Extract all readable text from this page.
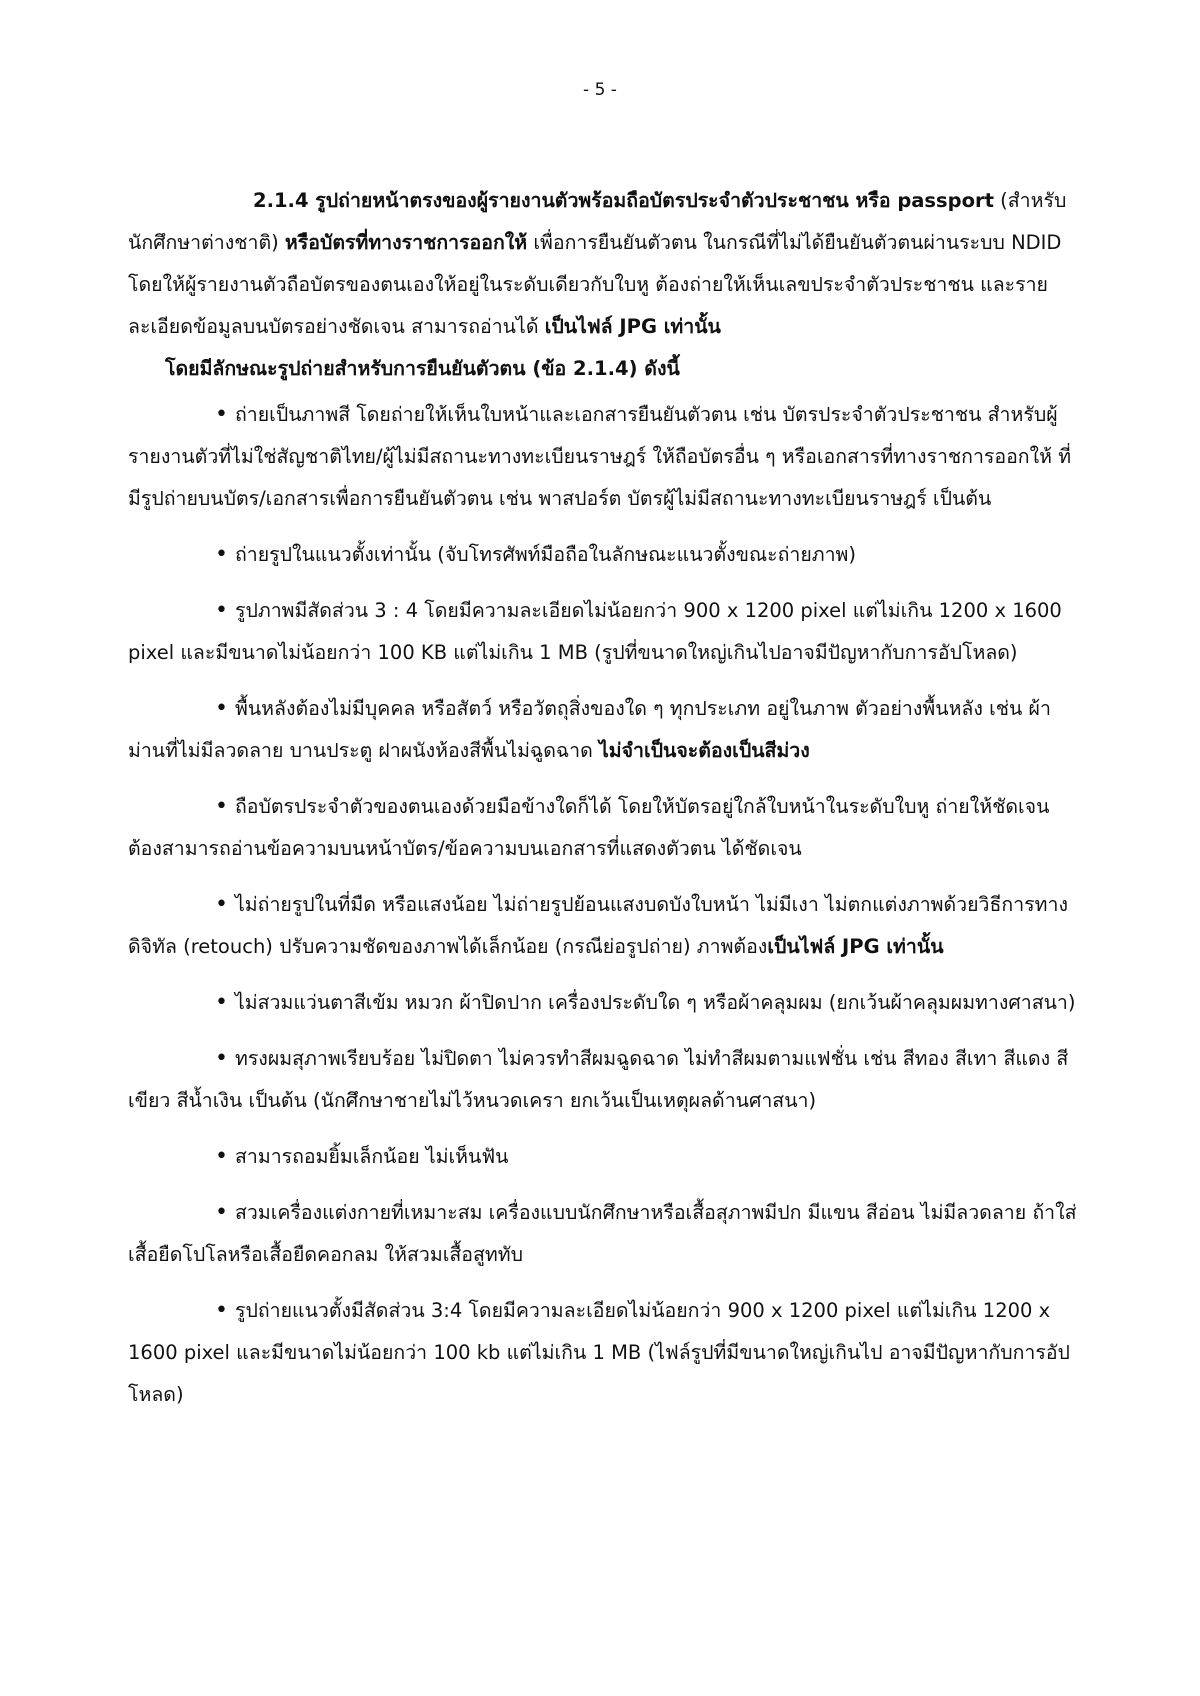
- 5 -

2.1.4 รูปถ่ายหน้าตรงของผู้รายงานตัวพร้อมถือบัตรประจำตัวประชาชน หรือ passport (สำหรับนักศึกษาต่างชาติ) หรือบัตรที่ทางราชการออกให้ เพื่อการยืนยันตัวตน ในกรณีที่ไม่ได้ยืนยันตัวตนผ่านระบบ NDID โดยให้ผู้รายงานตัวถือบัตรของตนเองให้อยู่ในระดับเดียวกับใบหู ต้องถ่ายให้เห็นเลขประจำตัวประชาชน และรายละเอียดข้อมูลบนบัตรอย่างชัดเจน สามารถอ่านได้ เป็นไฟล์ JPG เท่านั้น

โดยมีลักษณะรูปถ่ายสำหรับการยืนยันตัวตน (ข้อ 2.1.4) ดังนี้

• ถ่ายเป็นภาพสี โดยถ่ายให้เห็นใบหน้าและเอกสารยืนยันตัวตน เช่น บัตรประจำตัวประชาชน สำหรับผู้รายงานตัวที่ไม่ใช่สัญชาติไทย/ผู้ไม่มีสถานะทางทะเบียนราษฎร์ ให้ถือบัตรอื่น ๆ หรือเอกสารที่ทางราชการออกให้ ที่มีรูปถ่ายบนบัตร/เอกสารเพื่อการยืนยันตัวตน เช่น พาสปอร์ต บัตรผู้ไม่มีสถานะทางทะเบียนราษฎร์ เป็นต้น

• ถ่ายรูปในแนวตั้งเท่านั้น (จับโทรศัพท์มือถือในลักษณะแนวตั้งขณะถ่ายภาพ)

• รูปภาพมีสัดส่วน 3 : 4 โดยมีความละเอียดไม่น้อยกว่า 900 x 1200 pixel แต่ไม่เกิน 1200 x 1600 pixel และมีขนาดไม่น้อยกว่า 100 KB แต่ไม่เกิน 1 MB (รูปที่ขนาดใหญ่เกินไปอาจมีปัญหากับการอัปโหลด)

• พื้นหลังต้องไม่มีบุคคล หรือสัตว์ หรือวัตถุสิ่งของใด ๆ ทุกประเภท อยู่ในภาพ ตัวอย่างพื้นหลัง เช่น ผ้าม่านที่ไม่มีลวดลาย บานประตู ฝาผนังห้องสีพื้นไม่ฉูดฉาด ไม่จำเป็นจะต้องเป็นสีม่วง

• ถือบัตรประจำตัวของตนเองด้วยมือข้างใดก็ได้ โดยให้บัตรอยู่ใกล้ใบหน้าในระดับใบหู ถ่ายให้ชัดเจน ต้องสามารถอ่านข้อความบนหน้าบัตร/ข้อความบนเอกสารที่แสดงตัวตน ได้ชัดเจน

• ไม่ถ่ายรูปในที่มืด หรือแสงน้อย ไม่ถ่ายรูปย้อนแสงบดบังใบหน้า ไม่มีเงา ไม่ตกแต่งภาพด้วยวิธีการทางดิจิทัล (retouch) ปรับความชัดของภาพได้เล็กน้อย (กรณีย่อรูปถ่าย) ภาพต้องเป็นไฟล์ JPG เท่านั้น

• ไม่สวมแว่นตาสีเข้ม หมวก ผ้าปิดปาก เครื่องประดับใด ๆ หรือผ้าคลุมผม (ยกเว้นผ้าคลุมผมทางศาสนา)

• ทรงผมสุภาพเรียบร้อย ไม่ปิดตา ไม่ควรทำสีผมฉูดฉาด ไม่ทำสีผมตามแฟชั่น เช่น สีทอง สีเทา สีแดง สีเขียว สีน้ำเงิน เป็นต้น (นักศึกษาชายไม่ไว้หนวดเครา ยกเว้นเป็นเหตุผลด้านศาสนา)

• สามารถอมยิ้มเล็กน้อย ไม่เห็นฟัน

• สวมเครื่องแต่งกายที่เหมาะสม เครื่องแบบนักศึกษาหรือเสื้อสุภาพมีปก มีแขน สีอ่อน ไม่มีลวดลาย ถ้าใส่เสื้อยืดโปโลหรือเสื้อยืดคอกลม ให้สวมเสื้อสูททับ

• รูปถ่ายแนวตั้งมีสัดส่วน 3:4 โดยมีความละเอียดไม่น้อยกว่า 900 x 1200 pixel แต่ไม่เกิน 1200 x 1600 pixel และมีขนาดไม่น้อยกว่า 100 kb แต่ไม่เกิน 1 MB (ไฟล์รูปที่มีขนาดใหญ่เกินไป อาจมีปัญหากับการอัปโหลด)
